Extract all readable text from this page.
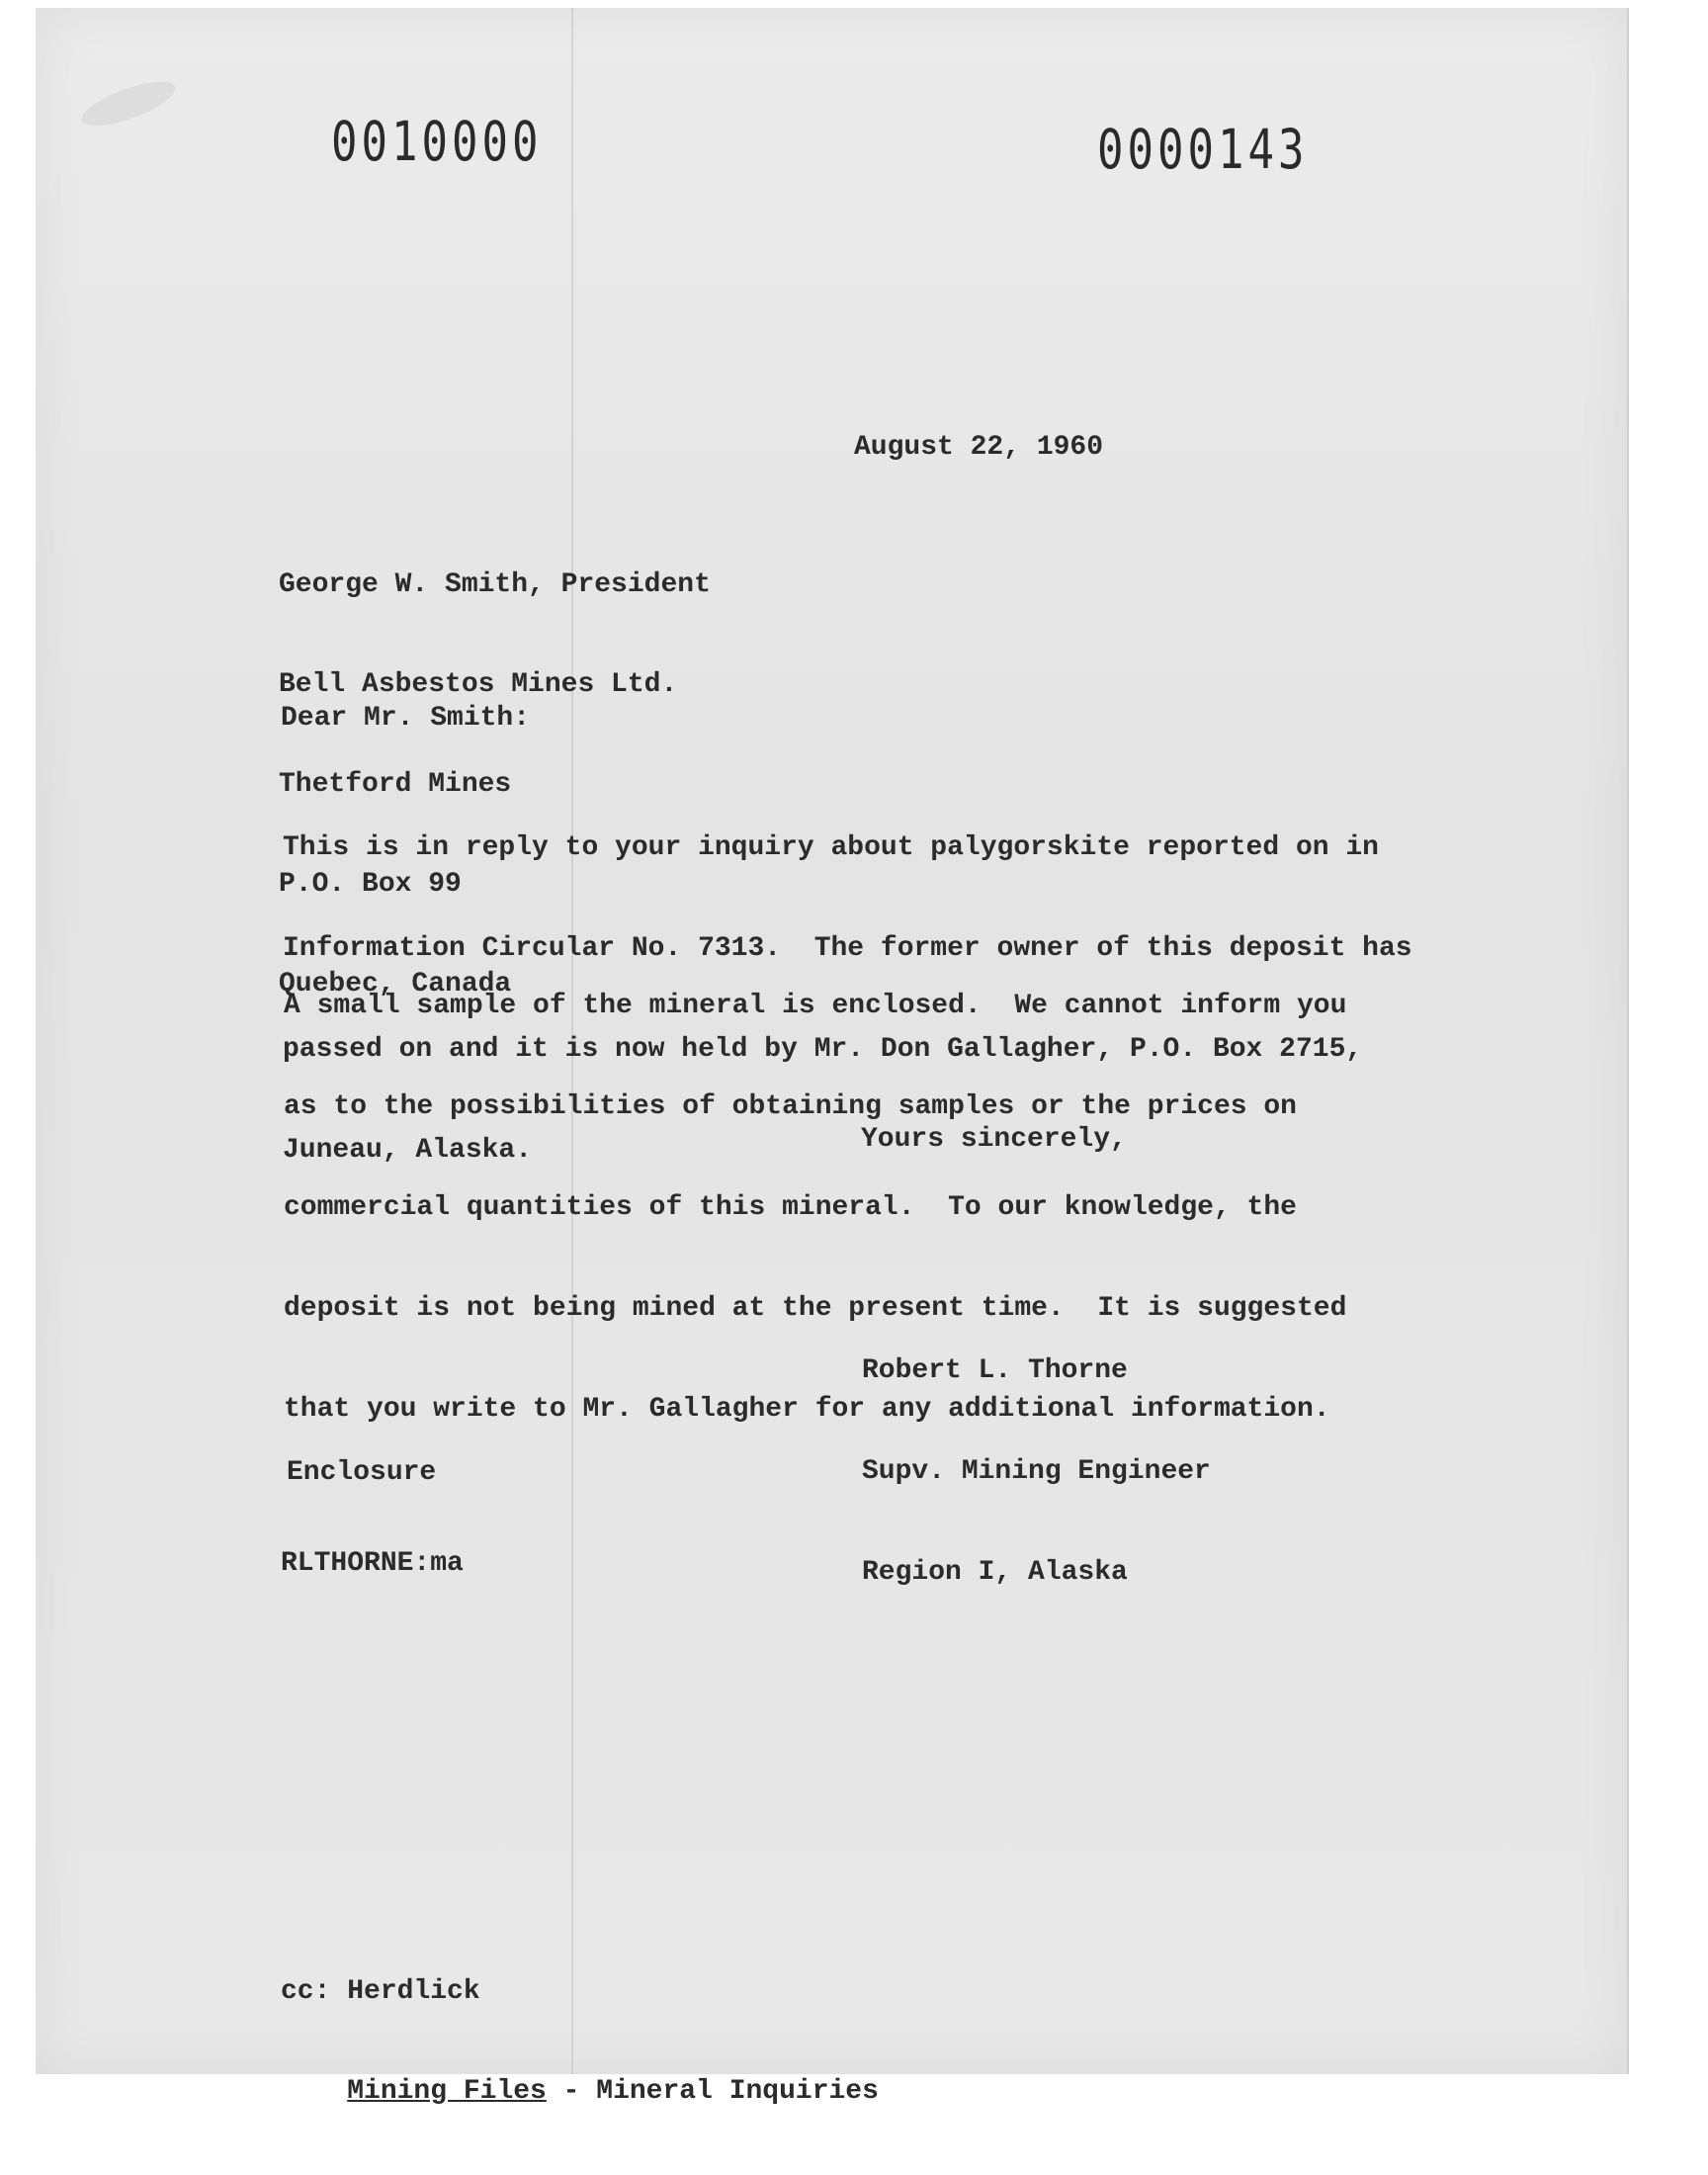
0010000	0000143
August 22, 1960

George W. Smith, President

Bell Asbestos Mines Ltd.

Thetford Mines

P.O. Box 99

Quebec, Canada

Dear Mr. Smith:

This is in reply to your inquiry about palygorskite reported on in

Information Circular No. 7313.  The former owner of this deposit has

passed on and it is now held by Mr. Don Gallagher, P.O. Box 2715,

Juneau, Alaska.

A small sample of the mineral is enclosed.  We cannot inform you

as to the possibilities of obtaining samples or the prices on

commercial quantities of this mineral.  To our knowledge, the

deposit is not being mined at the present time.  It is suggested

that you write to Mr. Gallagher for any additional information.

Yours sincerely,

Robert L. Thorne

Supv. Mining Engineer

Region I, Alaska

Enclosure
RLTHORNE:ma

cc: Herdlick

Mining Files - Mineral Inquiries
